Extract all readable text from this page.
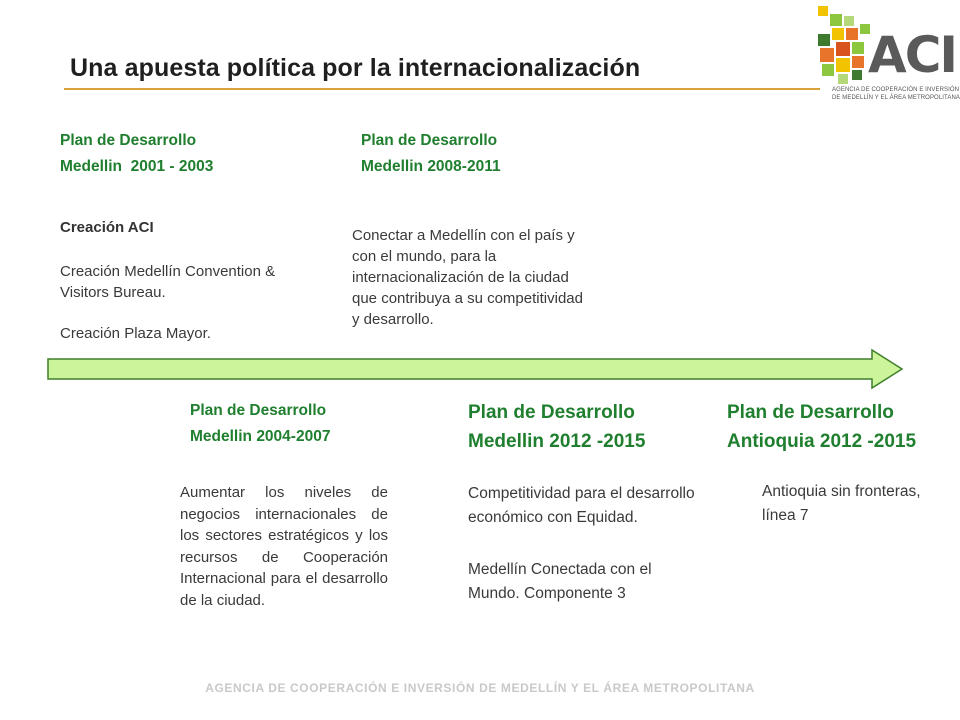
Una apuesta política por la internacionalización	ACI
AGENCIA DE COOPERACIÓN E INVERSIÓN
DE MEDELLÍN Y EL ÁREA METROPOLITANA
Plan de Desarrollo
Medellin  2001 - 2003
Creación ACI
Creación Medellín Convention & Visitors Bureau.
Creación Plaza Mayor.
Plan de Desarrollo
Medellin 2008-2011
Conectar a Medellín con el país y con el mundo, para la internacionalización de la ciudad que contribuya a su competitividad y desarrollo.
Plan de Desarrollo
Medellin 2004-2007
Aumentar los niveles de negocios internacionales de los sectores estratégicos y los recursos de Cooperación Internacional para el desarrollo de la ciudad.
Plan de Desarrollo
Medellin 2012 -2015
Competitividad para el desarrollo económico con Equidad.
Medellín Conectada con el Mundo. Componente 3
Plan de Desarrollo
Antioquia 2012 -2015
Antioquia sin fronteras, línea 7
AGENCIA DE COOPERACIÓN E INVERSIÓN DE MEDELLÍN Y EL ÁREA METROPOLITANA
